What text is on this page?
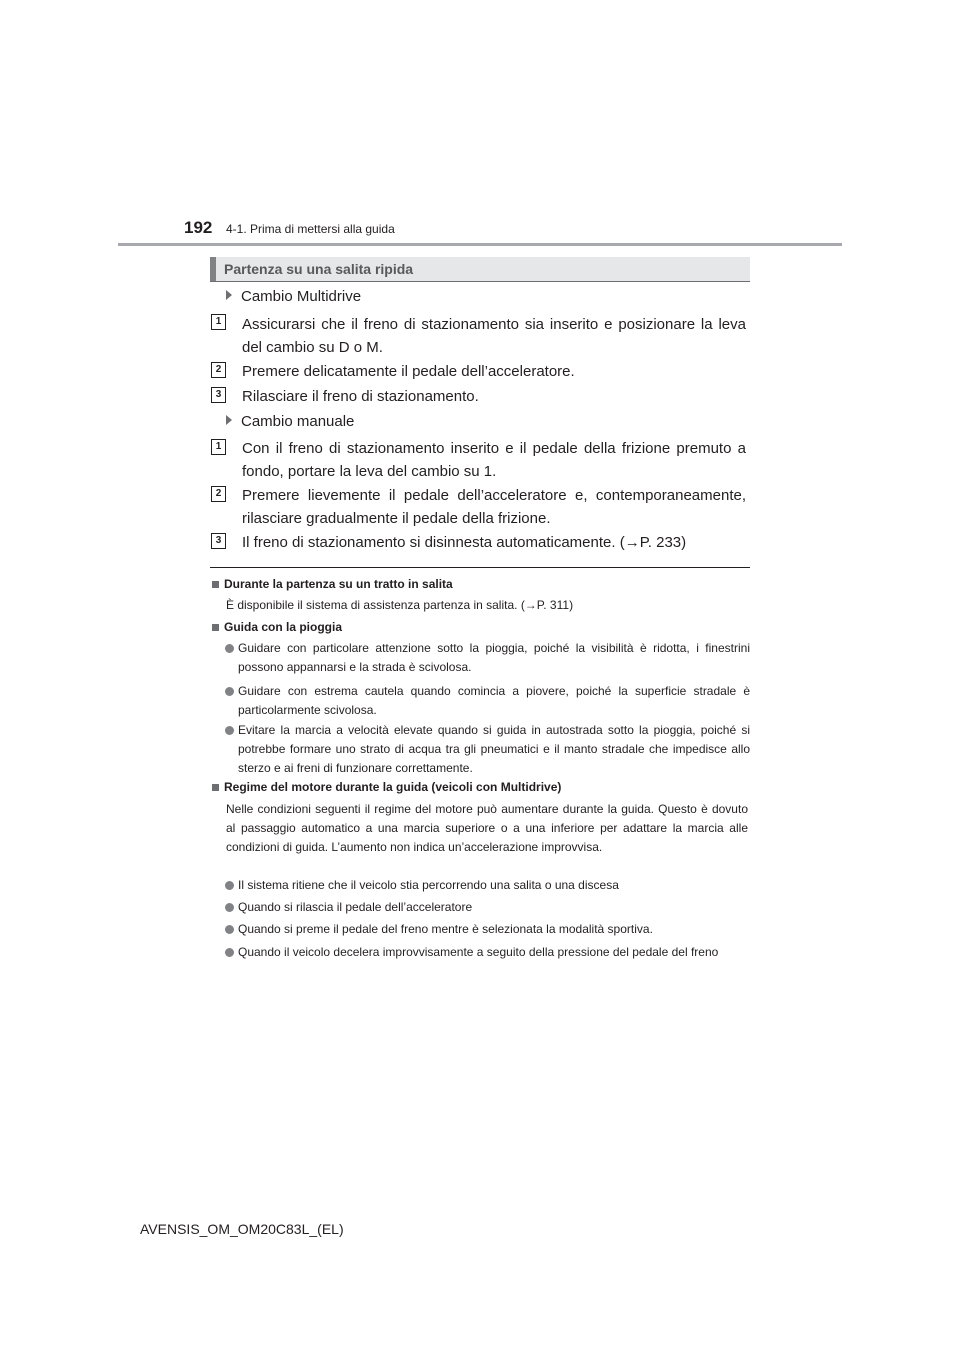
192 4-1. Prima di mettersi alla guida
Partenza su una salita ripida
Cambio Multidrive
1	Assicurarsi che il freno di stazionamento sia inserito e posizionare la leva del cambio su D o M.
2	Premere delicatamente il pedale dell’acceleratore.
3	Rilasciare il freno di stazionamento.
Cambio manuale
1	Con il freno di stazionamento inserito e il pedale della frizione premuto a fondo, portare la leva del cambio su 1.
2	Premere lievemente il pedale dell’acceleratore e, contemporaneamente, rilasciare gradualmente il pedale della frizione.
3	Il freno di stazionamento si disinnesta automaticamente. (→P. 233)
Durante la partenza su un tratto in salita
È disponibile il sistema di assistenza partenza in salita. (→P. 311)
Guida con la pioggia
Guidare con particolare attenzione sotto la pioggia, poiché la visibilità è ridotta, i finestrini possono appannarsi e la strada è scivolosa.
Guidare con estrema cautela quando comincia a piovere, poiché la superficie stradale è particolarmente scivolosa.
Evitare la marcia a velocità elevate quando si guida in autostrada sotto la pioggia, poiché si potrebbe formare uno strato di acqua tra gli pneumatici e il manto stradale che impedisce allo sterzo e ai freni di funzionare correttamente.
Regime del motore durante la guida (veicoli con Multidrive)
Nelle condizioni seguenti il regime del motore può aumentare durante la guida. Questo è dovuto al passaggio automatico a una marcia superiore o a una inferiore per adattare la marcia alle condizioni di guida. L’aumento non indica un’accelerazione improvvisa.
Il sistema ritiene che il veicolo stia percorrendo una salita o una discesa
Quando si rilascia il pedale dell’acceleratore
Quando si preme il pedale del freno mentre è selezionata la modalità sportiva.
Quando il veicolo decelera improvvisamente a seguito della pressione del pedale del freno
AVENSIS_OM_OM20C83L_(EL)
